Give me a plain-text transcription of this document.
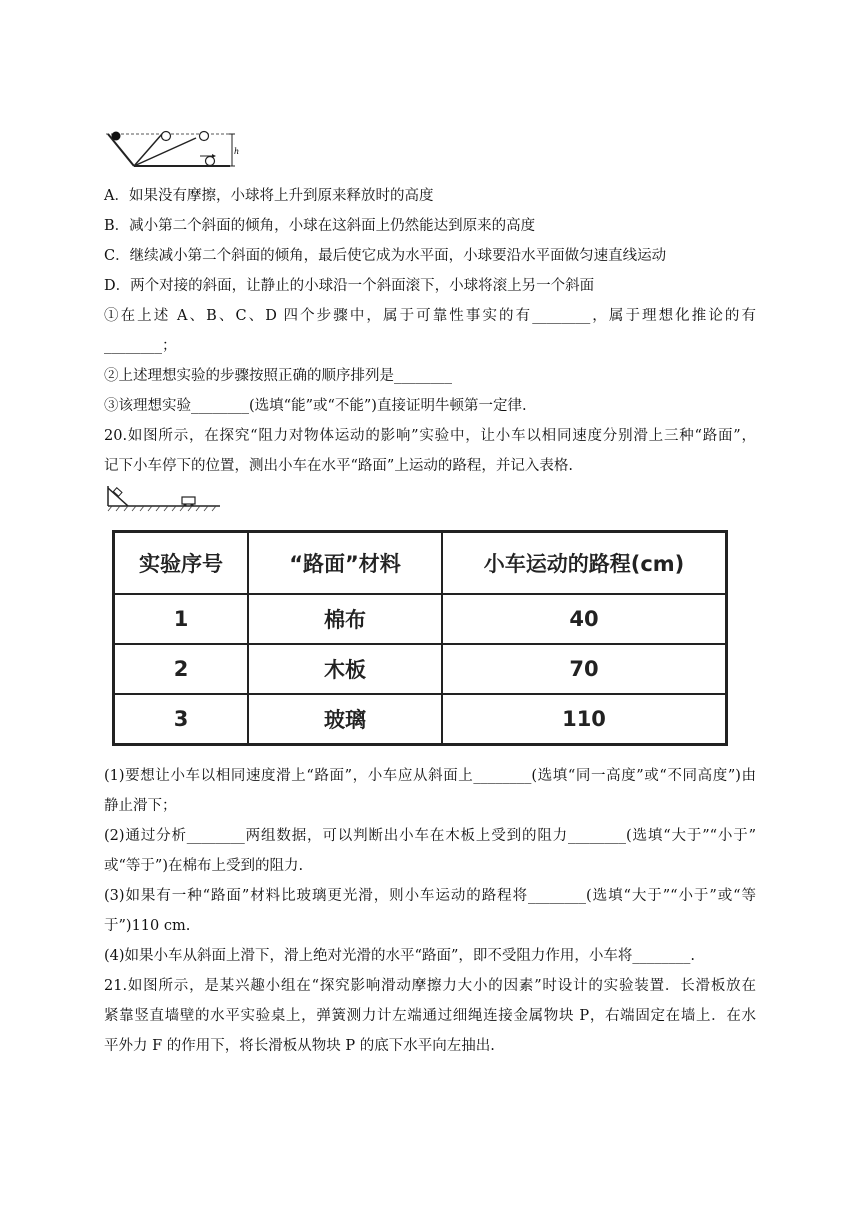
h
A．如果没有摩擦，小球将上升到原来释放时的高度
B．减小第二个斜面的倾角，小球在这斜面上仍然能达到原来的高度
C．继续减小第二个斜面的倾角，最后使它成为水平面，小球要沿水平面做匀速直线运动
D．两个对接的斜面，让静止的小球沿一个斜面滚下，小球将滚上另一个斜面
①在上述 A、B、C、D 四个步骤中，属于可靠性事实的有________，属于理想化推论的有
________；
②上述理想实验的步骤按照正确的顺序排列是________
③该理想实验________(选填“能”或“不能”)直接证明牛顿第一定律.
20.如图所示，在探究“阻力对物体运动的影响”实验中，让小车以相同速度分别滑上三种“路面”，
记下小车停下的位置，测出小车在水平“路面”上运动的路程，并记入表格.
实验序号	“路面”材料	小车运动的路程(cm)
1	棉布	40
2	木板	70
3	玻璃	110
(1)要想让小车以相同速度滑上“路面”，小车应从斜面上________(选填“同一高度”或“不同高度”)由
静止滑下；
(2)通过分析________两组数据，可以判断出小车在木板上受到的阻力________(选填“大于”“小于”
或“等于”)在棉布上受到的阻力.
(3)如果有一种“路面”材料比玻璃更光滑，则小车运动的路程将________(选填“大于”“小于”或“等
于”)110 cm.
(4)如果小车从斜面上滑下，滑上绝对光滑的水平“路面”，即不受阻力作用，小车将________.
21.如图所示，是某兴趣小组在“探究影响滑动摩擦力大小的因素”时设计的实验装置．长滑板放在
紧靠竖直墙壁的水平实验桌上，弹簧测力计左端通过细绳连接金属物块 P，右端固定在墙上．在水
平外力 F 的作用下，将长滑板从物块 P 的底下水平向左抽出.
